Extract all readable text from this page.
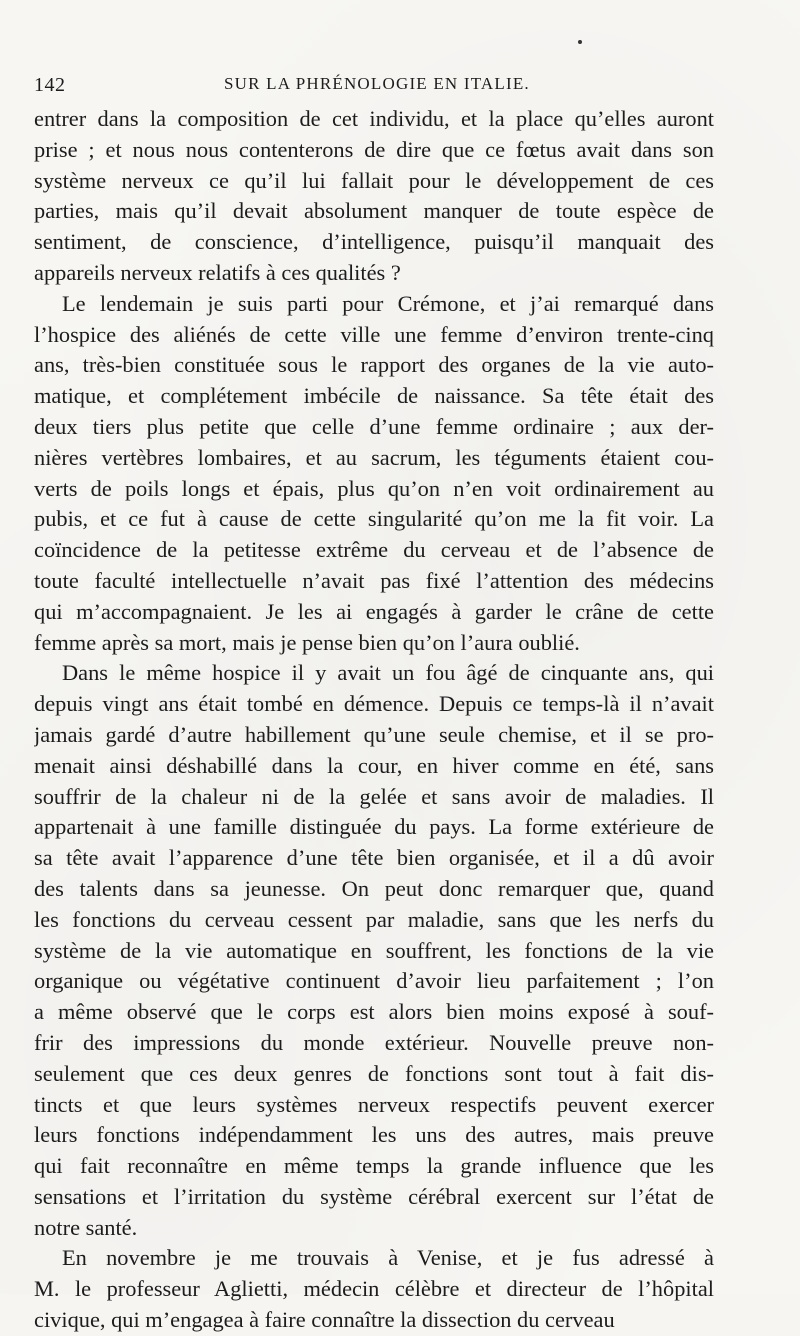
142	SUR LA PHRÉNOLOGIE EN ITALIE.
entrer dans la composition de cet individu, et la place qu’elles auront
prise ; et nous nous contenterons de dire que ce fœtus avait dans son
système nerveux ce qu’il lui fallait pour le développement de ces
parties, mais qu’il devait absolument manquer de toute espèce de
sentiment, de conscience, d’intelligence, puisqu’il manquait des
appareils nerveux relatifs à ces qualités ?
Le lendemain je suis parti pour Crémone, et j’ai remarqué dans
l’hospice des aliénés de cette ville une femme d’environ trente-cinq
ans, très-bien constituée sous le rapport des organes de la vie auto-
matique, et complétement imbécile de naissance. Sa tête était des
deux tiers plus petite que celle d’une femme ordinaire ; aux der-
nières vertèbres lombaires, et au sacrum, les téguments étaient cou-
verts de poils longs et épais, plus qu’on n’en voit ordinairement au
pubis, et ce fut à cause de cette singularité qu’on me la fit voir. La
coïncidence de la petitesse extrême du cerveau et de l’absence de
toute faculté intellectuelle n’avait pas fixé l’attention des médecins
qui m’accompagnaient. Je les ai engagés à garder le crâne de cette
femme après sa mort, mais je pense bien qu’on l’aura oublié.
Dans le même hospice il y avait un fou âgé de cinquante ans, qui
depuis vingt ans était tombé en démence. Depuis ce temps-là il n’avait
jamais gardé d’autre habillement qu’une seule chemise, et il se pro-
menait ainsi déshabillé dans la cour, en hiver comme en été, sans
souffrir de la chaleur ni de la gelée et sans avoir de maladies. Il
appartenait à une famille distinguée du pays. La forme extérieure de
sa tête avait l’apparence d’une tête bien organisée, et il a dû avoir
des talents dans sa jeunesse. On peut donc remarquer que, quand
les fonctions du cerveau cessent par maladie, sans que les nerfs du
système de la vie automatique en souffrent, les fonctions de la vie
organique ou végétative continuent d’avoir lieu parfaitement ; l’on
a même observé que le corps est alors bien moins exposé à souf-
frir des impressions du monde extérieur. Nouvelle preuve non-
seulement que ces deux genres de fonctions sont tout à fait dis-
tincts et que leurs systèmes nerveux respectifs peuvent exercer
leurs fonctions indépendamment les uns des autres, mais preuve
qui fait reconnaître en même temps la grande influence que les
sensations et l’irritation du système cérébral exercent sur l’état de
notre santé.
En novembre je me trouvais à Venise, et je fus adressé à
M. le professeur Aglietti, médecin célèbre et directeur de l’hôpital
civique, qui m’engagea à faire connaître la dissection du cerveau
